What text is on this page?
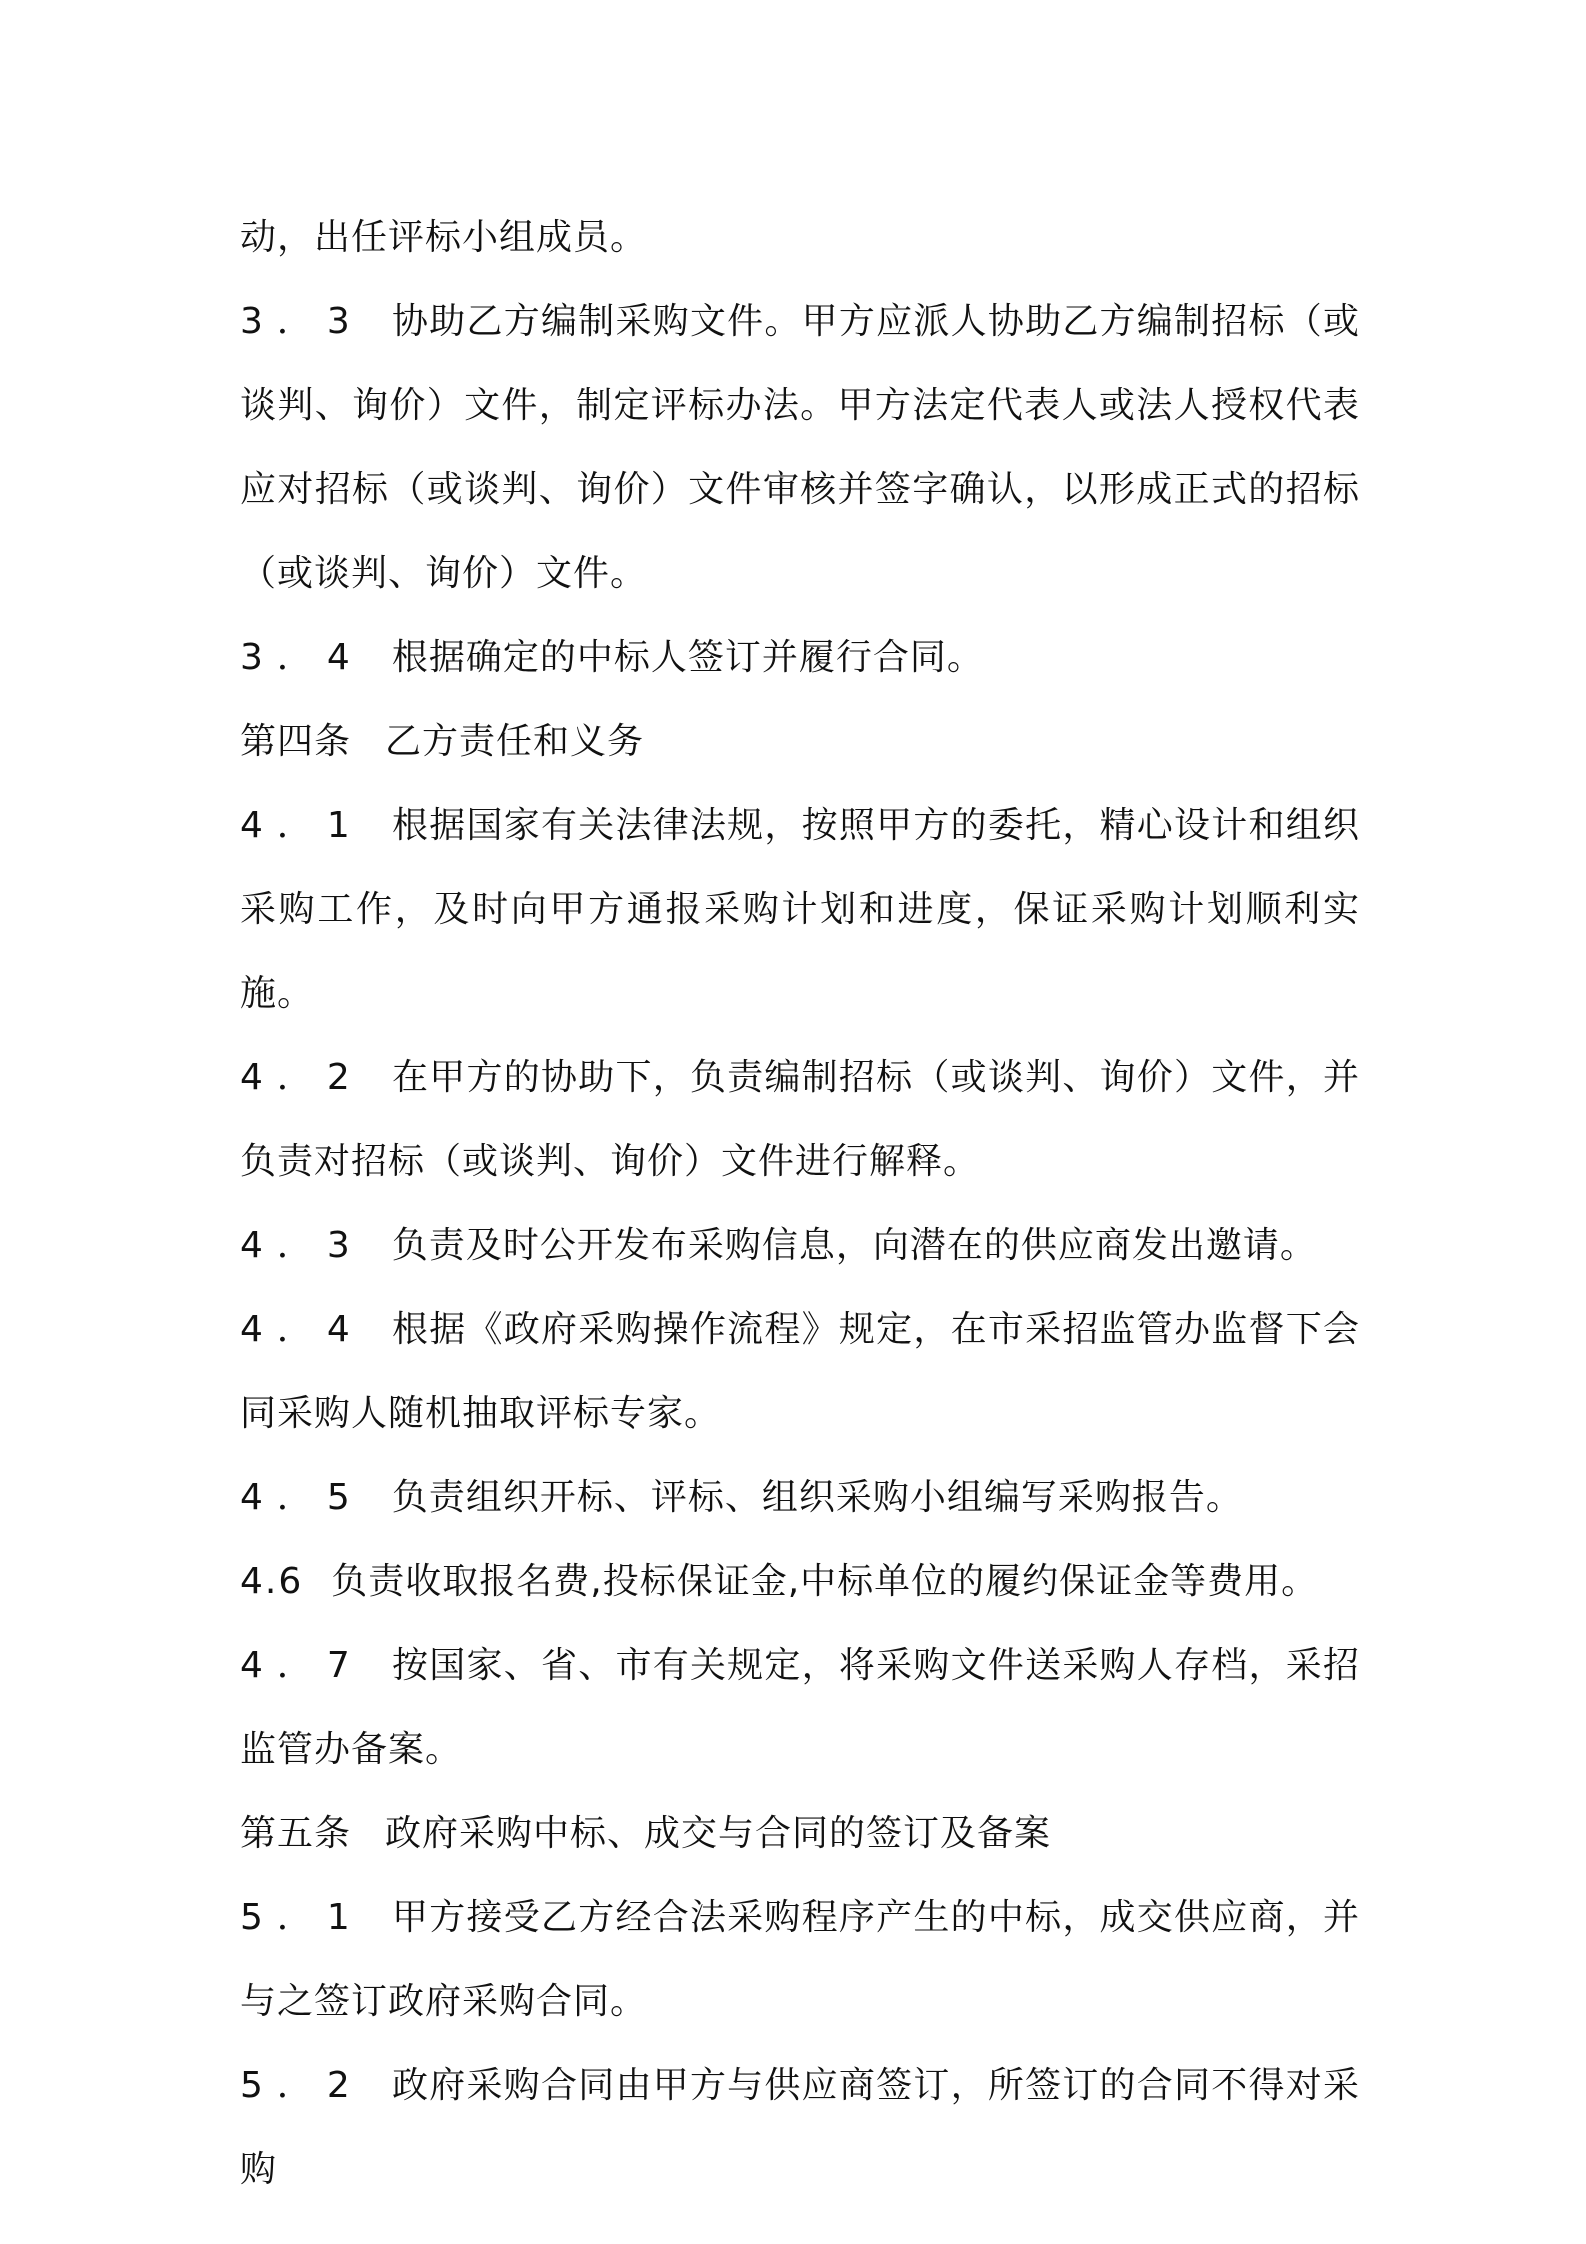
动，出任评标小组成员。

3．3 协助乙方编制采购文件。甲方应派人协助乙方编制招标（或谈判、询价）文件，制定评标办法。甲方法定代表人或法人授权代表应对招标（或谈判、询价）文件审核并签字确认，以形成正式的招标（或谈判、询价）文件。

3．4 根据确定的中标人签订并履行合同。

第四条 乙方责任和义务

4．1 根据国家有关法律法规，按照甲方的委托，精心设计和组织采购工作，及时向甲方通报采购计划和进度，保证采购计划顺利实施。

4．2 在甲方的协助下，负责编制招标（或谈判、询价）文件，并负责对招标（或谈判、询价）文件进行解释。

4．3 负责及时公开发布采购信息，向潜在的供应商发出邀请。

4．4 根据《政府采购操作流程》规定，在市采招监管办监督下会同采购人随机抽取评标专家。

4．5 负责组织开标、评标、组织采购小组编写采购报告。

4.6 负责收取报名费,投标保证金,中标单位的履约保证金等费用。

4．7 按国家、省、市有关规定，将采购文件送采购人存档，采招监管办备案。

第五条 政府采购中标、成交与合同的签订及备案

5．1 甲方接受乙方经合法采购程序产生的中标，成交供应商，并与之签订政府采购合同。

5．2 政府采购合同由甲方与供应商签订，所签订的合同不得对采购
